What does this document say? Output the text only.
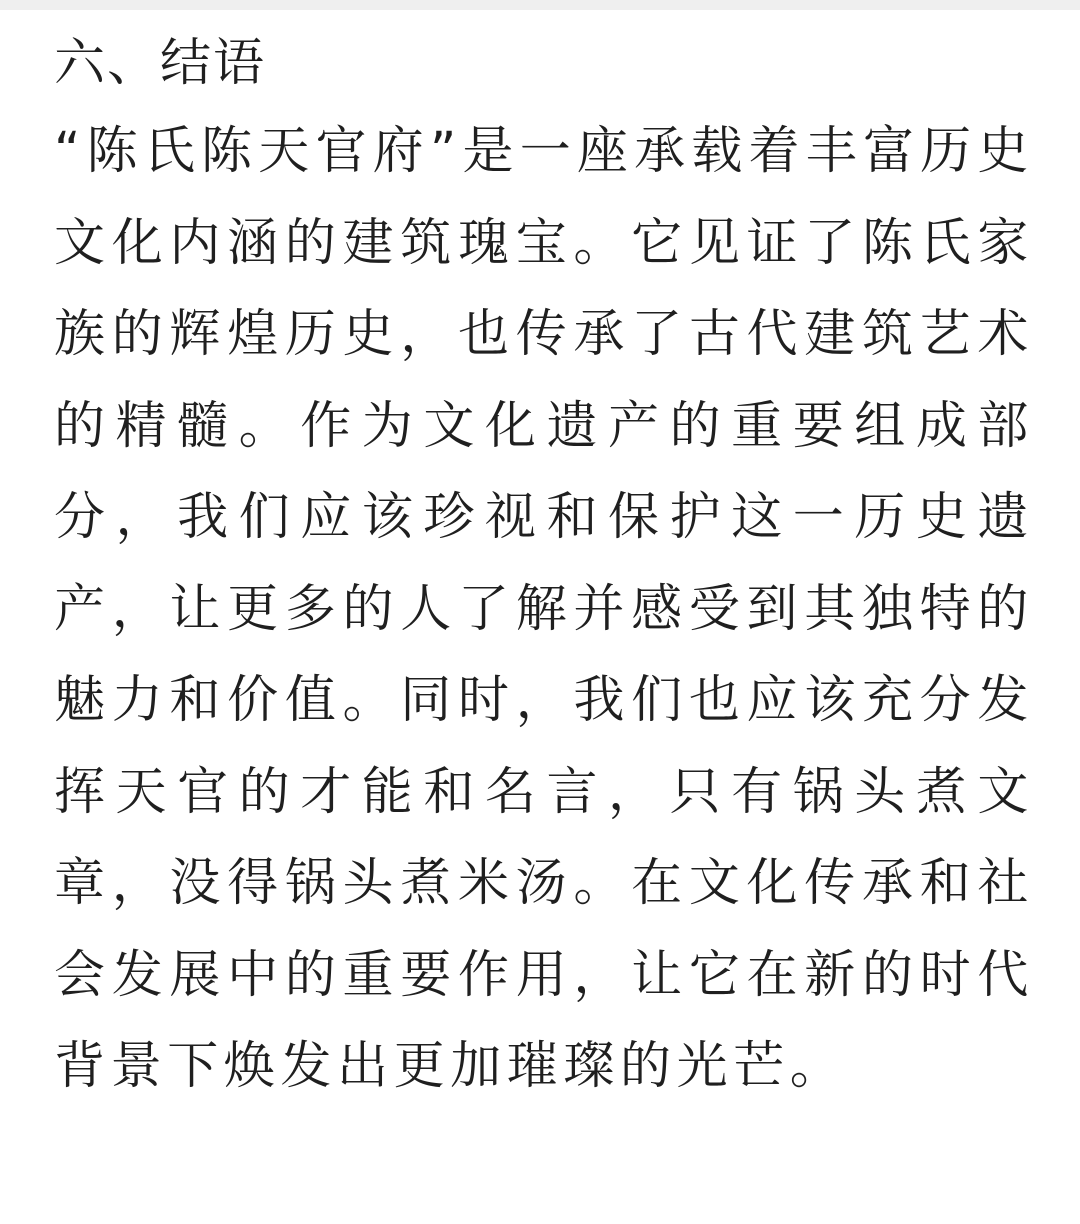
六、结语

“陈氏陈天官府”是一座承载着丰富历史文化内涵的建筑瑰宝。它见证了陈氏家族的辉煌历史，也传承了古代建筑艺术的精髓。作为文化遗产的重要组成部分，我们应该珍视和保护这一历史遗产，让更多的人了解并感受到其独特的魅力和价值。同时，我们也应该充分发挥天官的才能和名言，只有锅头煮文章，没得锅头煮米汤。在文化传承和社会发展中的重要作用，让它在新的时代背景下焕发出更加璀璨的光芒。
